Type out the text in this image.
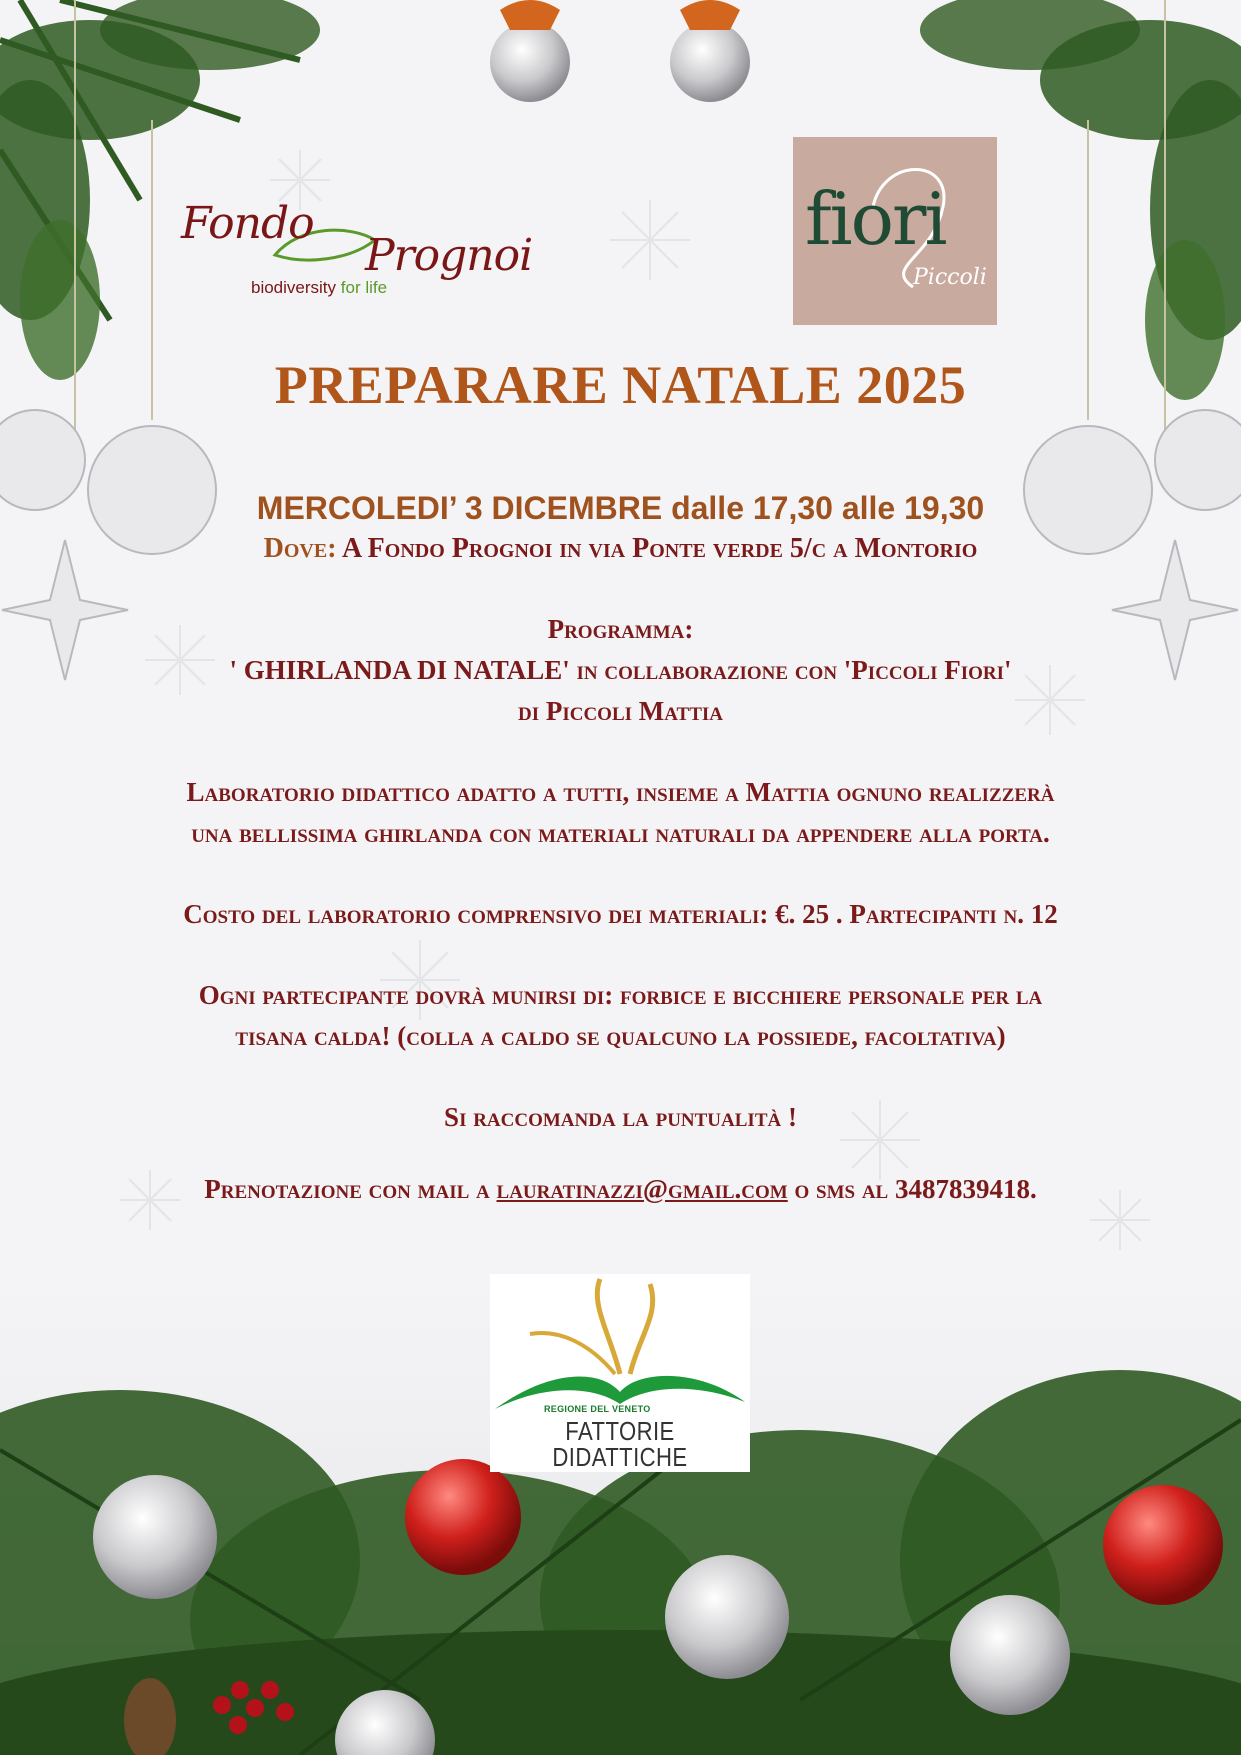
Fondo
Prognoi
biodiversity for life
fiori
Piccoli
PREPARARE NATALE 2025
MERCOLEDI’ 3 DICEMBRE dalle 17,30 alle 19,30
Dove: A Fondo Prognoi in via Ponte verde 5/c a Montorio
Programma:
' GHIRLANDA DI NATALE' in collaborazione con 'Piccoli Fiori'
di Piccoli Mattia
Laboratorio didattico adatto a tutti, insieme a Mattia ognuno realizzerà
una bellissima ghirlanda con materiali naturali da appendere alla porta.
Costo del laboratorio comprensivo dei materiali: €. 25 . Partecipanti n. 12
Ogni partecipante dovrà munirsi di: forbice e bicchiere personale per la
tisana calda! (colla a caldo se qualcuno la possiede, facoltativa)
Si raccomanda la puntualità !
Prenotazione con mail a lauratinazzi@gmail.com o sms al 3487839418.
REGIONE DEL VENETO
FATTORIE
DIDATTICHE
